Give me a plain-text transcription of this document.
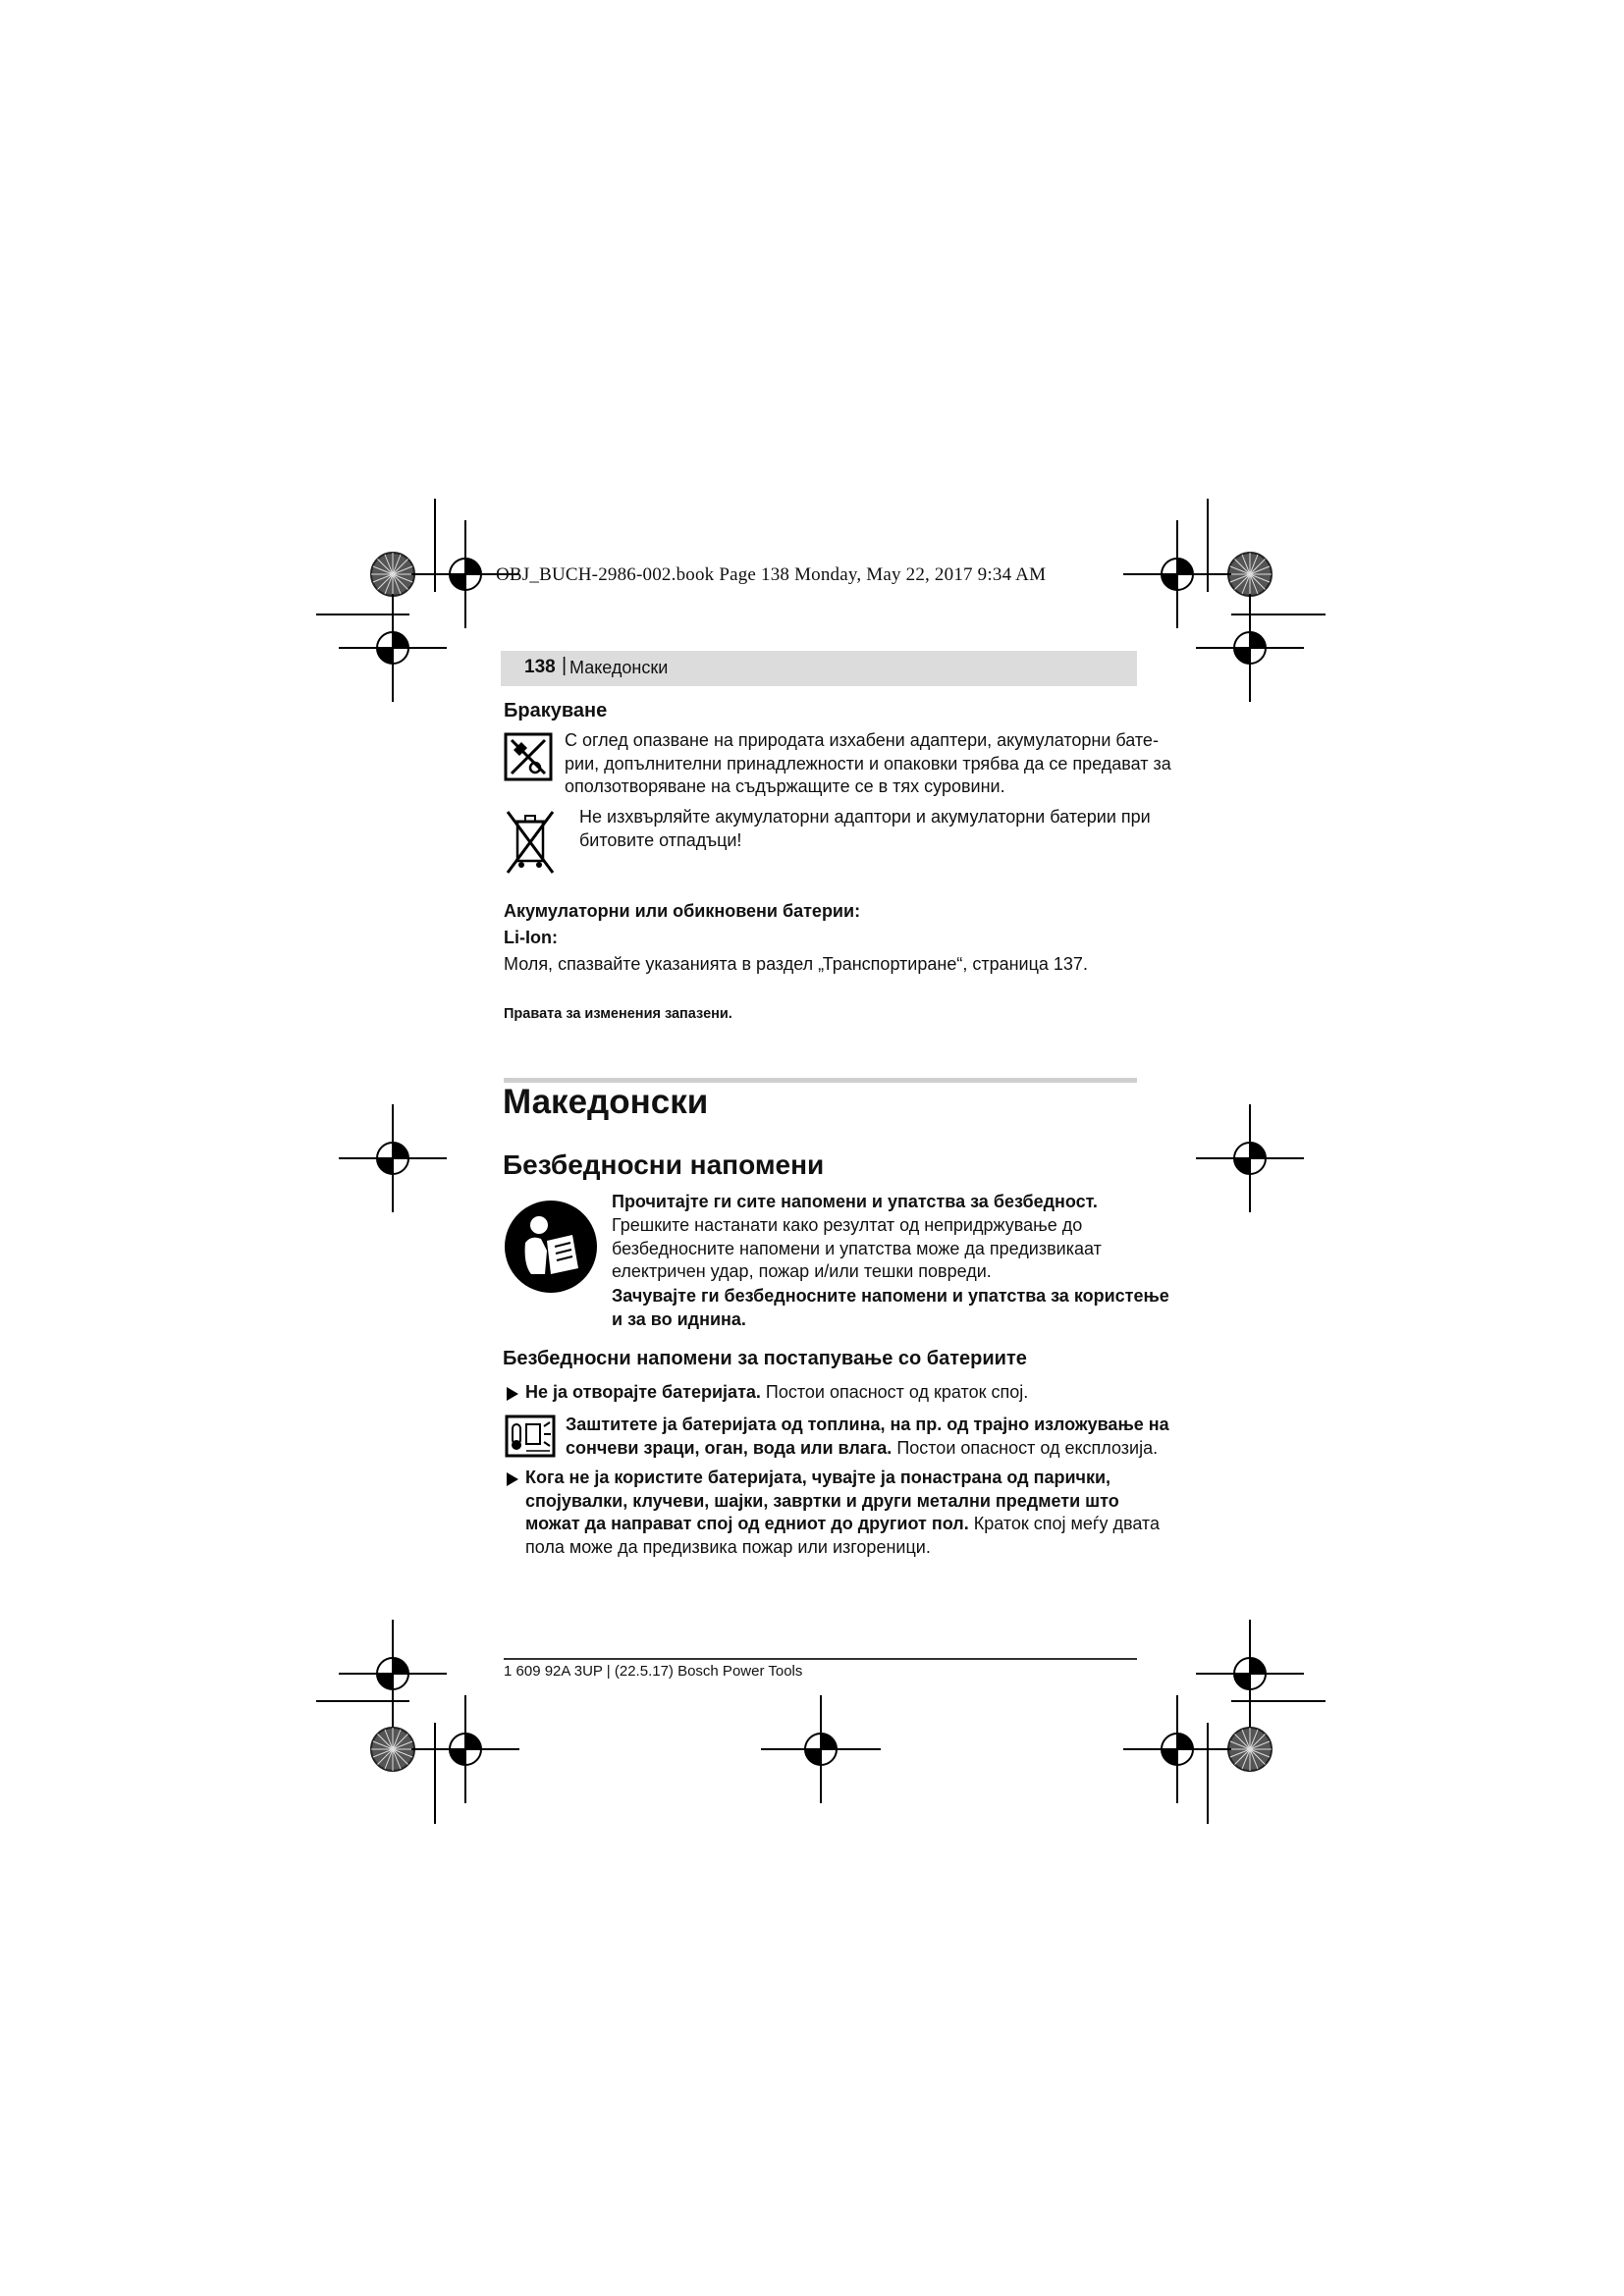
OBJ_BUCH-2986-002.book Page 138 Monday, May 22, 2017 9:34 AM
138 | Македонски
Бракуване
С оглед опазване на природата изхабени адаптери, акумулаторни бате-
рии, допълнителни принадлежности и опаковки трябва да се предават за
оползотворяване на съдържащите се в тях суровини.
Не изхвърляйте акумулаторни адаптори и акумулаторни батерии при
битовите отпадъци!
Акумулаторни или обикновени батерии:
Li-Ion:
Моля, спазвайте указанията в раздел „Транспортиране“, страница 137.
Правата за изменения запазени.
Македонски
Безбедносни напомени
Прочитајте ги сите напомени и упатства за безбедност.
Грешките настанати како резултат од непридржување до
безбедносните напомени и упатства може да предизвикаат
електричен удар, пожар и/или тешки повреди.
Зачувајте ги безбедносните напомени и упатства за користење
и за во иднина.
Безбедносни напомени за постапување со батериите
Не ја отворајте батеријата. Постои опасност од краток спој.
Заштитете ја батеријата од топлина, на пр. од трајно изложување на
сончеви зраци, оган, вода или влага. Постои опасност од експлозија.
Кога не ја користите батеријата, чувајте ја понастрана од парички,
спојувалки, клучеви, шајки, завртки и други метални предмети што
можат да направат спој од едниот до другиот пол. Краток спој меѓу двата
пола може да предизвика пожар или изгореници.
1 609 92A 3UP | (22.5.17) Bosch Power Tools
